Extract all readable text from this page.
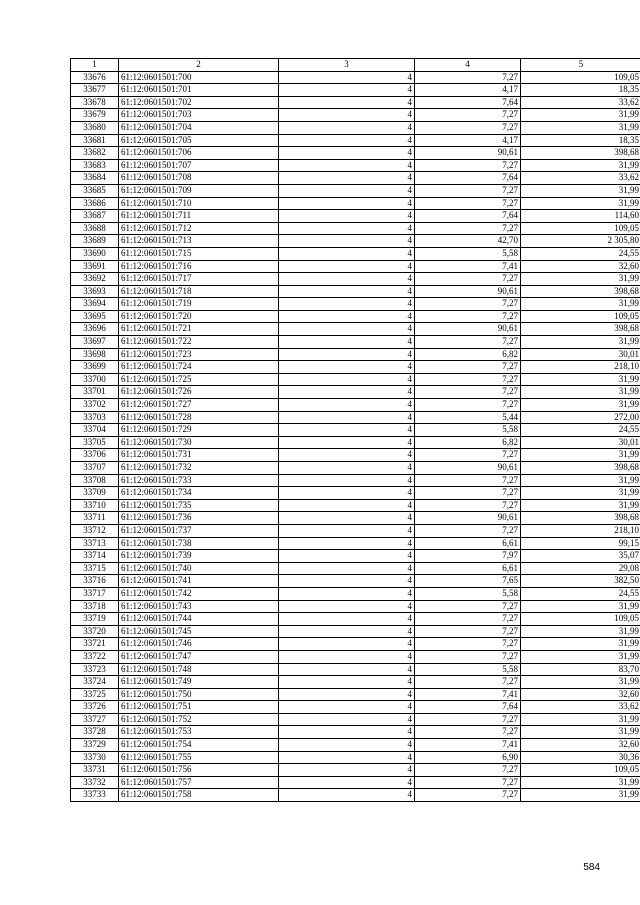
1	2	3	4	5
33676	61:12:0601501:700	4	7,27	109,05
33677	61:12:0601501:701	4	4,17	18,35
33678	61:12:0601501:702	4	7,64	33,62
33679	61:12:0601501:703	4	7,27	31,99
33680	61:12:0601501:704	4	7,27	31,99
33681	61:12:0601501:705	4	4,17	18,35
33682	61:12:0601501:706	4	90,61	398,68
33683	61:12:0601501:707	4	7,27	31,99
33684	61:12:0601501:708	4	7,64	33,62
33685	61:12:0601501:709	4	7,27	31,99
33686	61:12:0601501:710	4	7,27	31,99
33687	61:12:0601501:711	4	7,64	114,60
33688	61:12:0601501:712	4	7,27	109,05
33689	61:12:0601501:713	4	42,70	2 305,80
33690	61:12:0601501:715	4	5,58	24,55
33691	61:12:0601501:716	4	7,41	32,60
33692	61:12:0601501:717	4	7,27	31,99
33693	61:12:0601501:718	4	90,61	398,68
33694	61:12:0601501:719	4	7,27	31,99
33695	61:12:0601501:720	4	7,27	109,05
33696	61:12:0601501:721	4	90,61	398,68
33697	61:12:0601501:722	4	7,27	31,99
33698	61:12:0601501:723	4	6,82	30,01
33699	61:12:0601501:724	4	7,27	218,10
33700	61:12:0601501:725	4	7,27	31,99
33701	61:12:0601501:726	4	7,27	31,99
33702	61:12:0601501:727	4	7,27	31,99
33703	61:12:0601501:728	4	5,44	272,00
33704	61:12:0601501:729	4	5,58	24,55
33705	61:12:0601501:730	4	6,82	30,01
33706	61:12:0601501:731	4	7,27	31,99
33707	61:12:0601501:732	4	90,61	398,68
33708	61:12:0601501:733	4	7,27	31,99
33709	61:12:0601501:734	4	7,27	31,99
33710	61:12:0601501:735	4	7,27	31,99
33711	61:12:0601501:736	4	90,61	398,68
33712	61:12:0601501:737	4	7,27	218,10
33713	61:12:0601501:738	4	6,61	99,15
33714	61:12:0601501:739	4	7,97	35,07
33715	61:12:0601501:740	4	6,61	29,08
33716	61:12:0601501:741	4	7,65	382,50
33717	61:12:0601501:742	4	5,58	24,55
33718	61:12:0601501:743	4	7,27	31,99
33719	61:12:0601501:744	4	7,27	109,05
33720	61:12:0601501:745	4	7,27	31,99
33721	61:12:0601501:746	4	7,27	31,99
33722	61:12:0601501:747	4	7,27	31,99
33723	61:12:0601501:748	4	5,58	83,70
33724	61:12:0601501:749	4	7,27	31,99
33725	61:12:0601501:750	4	7,41	32,60
33726	61:12:0601501:751	4	7,64	33,62
33727	61:12:0601501:752	4	7,27	31,99
33728	61:12:0601501:753	4	7,27	31,99
33729	61:12:0601501:754	4	7,41	32,60
33730	61:12:0601501:755	4	6,90	30,36
33731	61:12:0601501:756	4	7,27	109,05
33732	61:12:0601501:757	4	7,27	31,99
33733	61:12:0601501:758	4	7,27	31,99
584
